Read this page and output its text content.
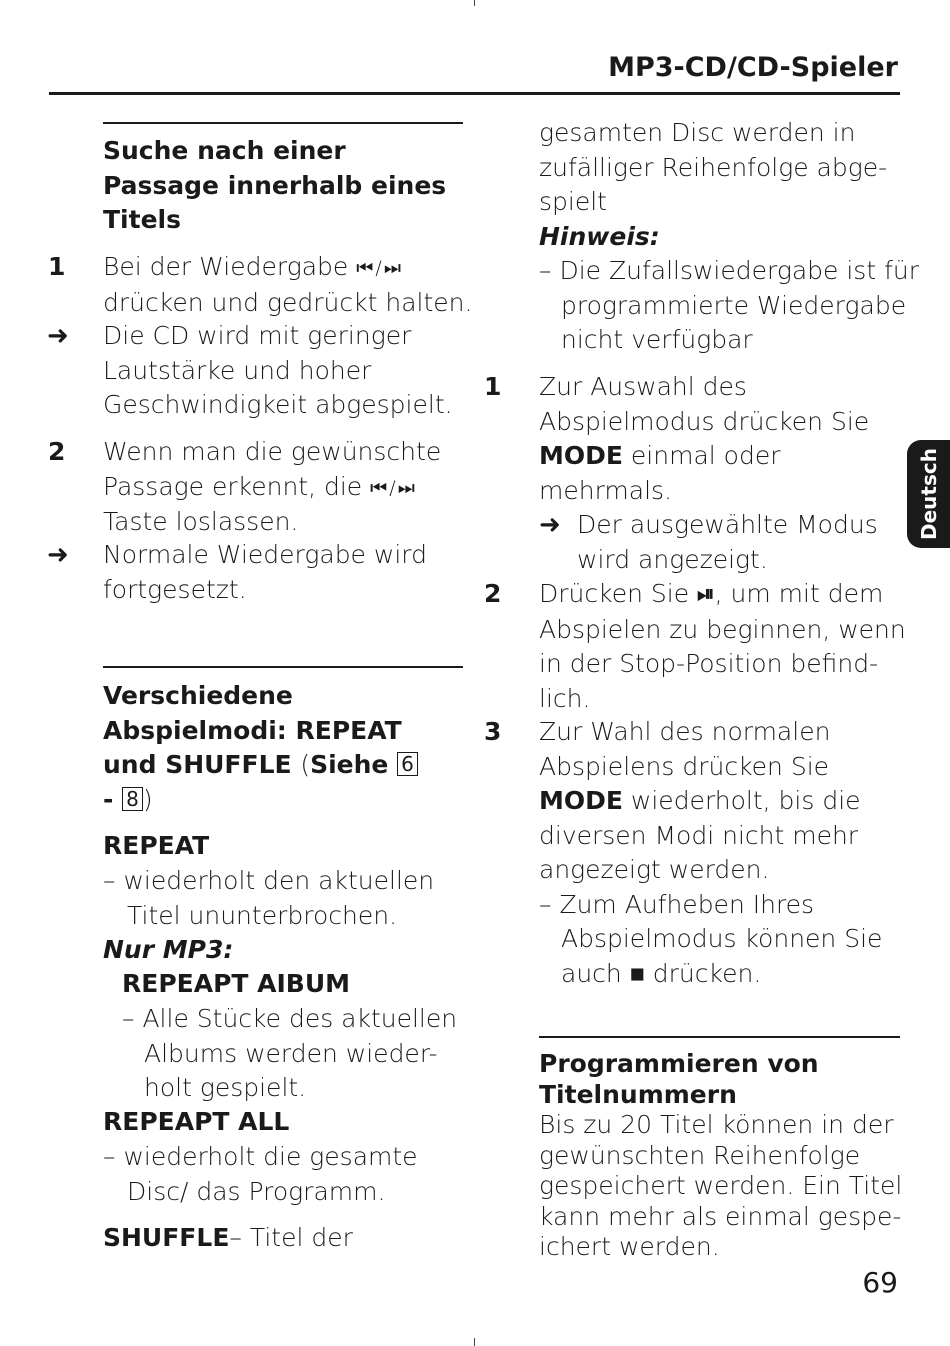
MP3-CD/CD-Spieler
Deutsch
Suche nach einer
Passage innerhalb eines
Titels
1 Bei der Wiedergabe ⏮ / ⏭
drücken und gedrückt halten.
➜ Die CD wird mit geringer
Lautstärke und hoher
Geschwindigkeit abgespielt.
2 Wenn man die gewünschte
Passage erkennt, die ⏮ / ⏭
Taste loslassen.
➜ Normale Wiedergabe wird
fortgesetzt.
Verschiedene
Abspielmodi: REPEAT
und SHUFFLE (Siehe 6
- 8 )
REPEAT
– wiederholt den aktuellen
Titel ununterbrochen.
Nur MP3:
REPEAPT AIBUM
– Alle Stücke des aktuellen
Albums werden wieder-
holt gespielt.
REPEAPT ALL
– wiederholt die gesamte
Disc/ das Programm.
SHUFFLE– Titel der
gesamten Disc werden in
zufälliger Reihenfolge abge-
spielt
Hinweis:
– Die Zufallswiedergabe ist für
programmierte Wiedergabe
nicht verfügbar
1 Zur Auswahl des
Abspielmodus drücken Sie
MODE einmal oder
mehrmals.
➜ Der ausgewählte Modus
wird angezeigt.
2 Drücken Sie ⏯, um mit dem
Abspielen zu beginnen, wenn
in der Stop-Position befind-
lich.
3 Zur Wahl des normalen
Abspielens drücken Sie
MODE wiederholt, bis die
diversen Modi nicht mehr
angezeigt werden.
– Zum Aufheben Ihres
Abspielmodus können Sie
auch ■ drücken.
Programmieren von
Titelnummern
Bis zu 20 Titel können in der
gewünschten Reihenfolge
gespeichert werden. Ein Titel
kann mehr als einmal gespe-
ichert werden.
69
